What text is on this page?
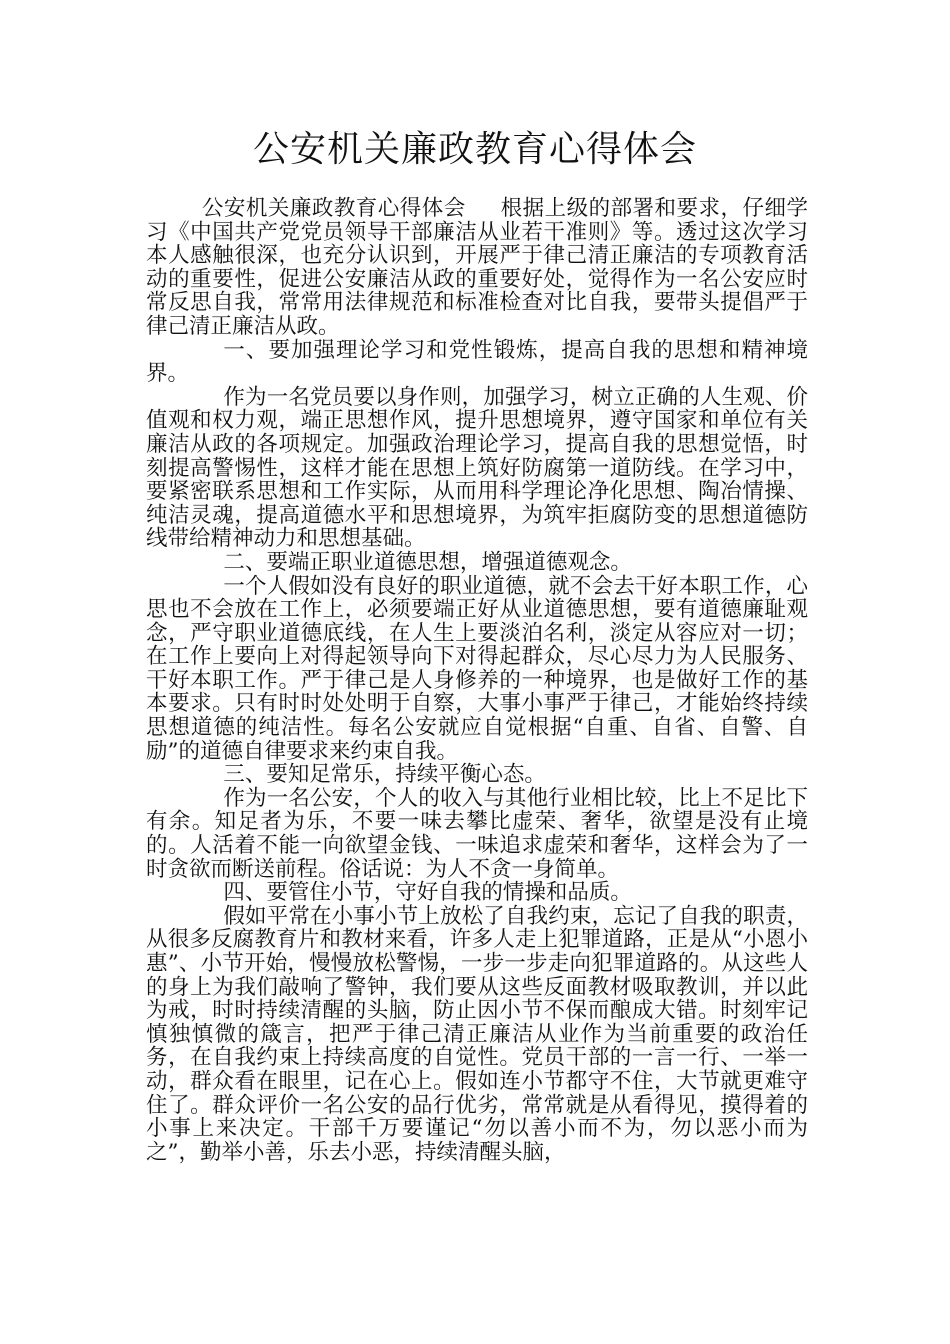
公安机关廉政教育心得体会

公安机关廉政教育心得体会 根据上级的部署和要求，仔细学习《中国共产党党员领导干部廉洁从业若干准则》等。透过这次学习本人感触很深，也充分认识到，开展严于律己清正廉洁的专项教育活动的重要性，促进公安廉洁从政的重要好处，觉得作为一名公安应时常反思自我，常常用法律规范和标准检查对比自我，要带头提倡严于律己清正廉洁从政。

一、要加强理论学习和党性锻炼，提高自我的思想和精神境界。

作为一名党员要以身作则，加强学习，树立正确的人生观、价值观和权力观，端正思想作风，提升思想境界，遵守国家和单位有关廉洁从政的各项规定。加强政治理论学习，提高自我的思想觉悟，时刻提高警惕性，这样才能在思想上筑好防腐第一道防线。在学习中，要紧密联系思想和工作实际，从而用科学理论净化思想、陶冶情操、纯洁灵魂，提高道德水平和思想境界，为筑牢拒腐防变的思想道德防线带给精神动力和思想基础。

二、要端正职业道德思想，增强道德观念。

一个人假如没有良好的职业道德，就不会去干好本职工作，心思也不会放在工作上，必须要端正好从业道德思想，要有道德廉耻观念，严守职业道德底线，在人生上要淡泊名利，淡定从容应对一切；在工作上要向上对得起领导向下对得起群众，尽心尽力为人民服务、干好本职工作。严于律己是人身修养的一种境界，也是做好工作的基本要求。只有时时处处明于自察，大事小事严于律己，才能始终持续思想道德的纯洁性。每名公安就应自觉根据“自重、自省、自警、自励”的道德自律要求来约束自我。

三、要知足常乐，持续平衡心态。

作为一名公安，个人的收入与其他行业相比较，比上不足比下有余。知足者为乐，不要一味去攀比虚荣、奢华，欲望是没有止境的。人活着不能一向欲望金钱、一味追求虚荣和奢华，这样会为了一时贪欲而断送前程。俗话说：为人不贪一身简单。

四、要管住小节，守好自我的情操和品质。

假如平常在小事小节上放松了自我约束，忘记了自我的职责，从很多反腐教育片和教材来看，许多人走上犯罪道路，正是从“小恩小惠”、小节开始，慢慢放松警惕，一步一步走向犯罪道路的。从这些人的身上为我们敲响了警钟，我们要从这些反面教材吸取教训，并以此为戒，时时持续清醒的头脑，防止因小节不保而酿成大错。时刻牢记慎独慎微的箴言，把严于律己清正廉洁从业作为当前重要的政治任务，在自我约束上持续高度的自觉性。党员干部的一言一行、一举一动，群众看在眼里，记在心上。假如连小节都守不住，大节就更难守住了。群众评价一名公安的品行优劣，常常就是从看得见，摸得着的小事上来决定。干部千万要谨记“勿以善小而不为，勿以恶小而为之”，勤举小善，乐去小恶，持续清醒头脑，
